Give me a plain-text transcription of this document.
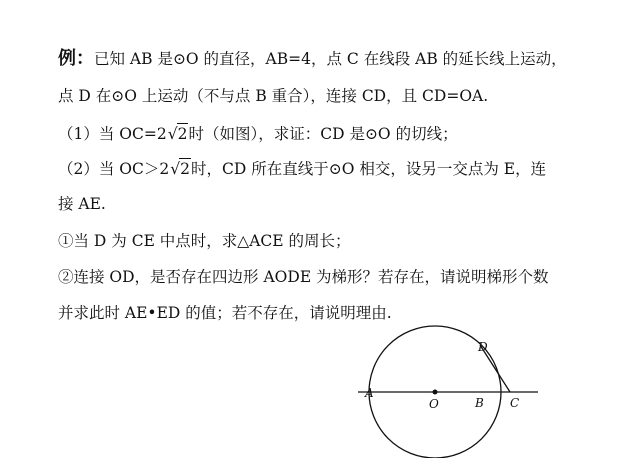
例：已知 AB 是⊙O 的直径，AB=4，点 C 在线段 AB 的延长线上运动，
点 D 在⊙O 上运动（不与点 B 重合），连接 CD，且 CD=OA.
（1）当 OC=2√2时（如图），求证：CD 是⊙O 的切线；
（2）当 OC＞2√2时，CD 所在直线于⊙O 相交，设另一交点为 E，连
接 AE.
①当 D 为 CE 中点时，求△ACE 的周长；
②连接 OD，是否存在四边形 AODE 为梯形？若存在，请说明梯形个数
并求此时 AE•ED 的值；若不存在，请说明理由.
A
O	B C
D
